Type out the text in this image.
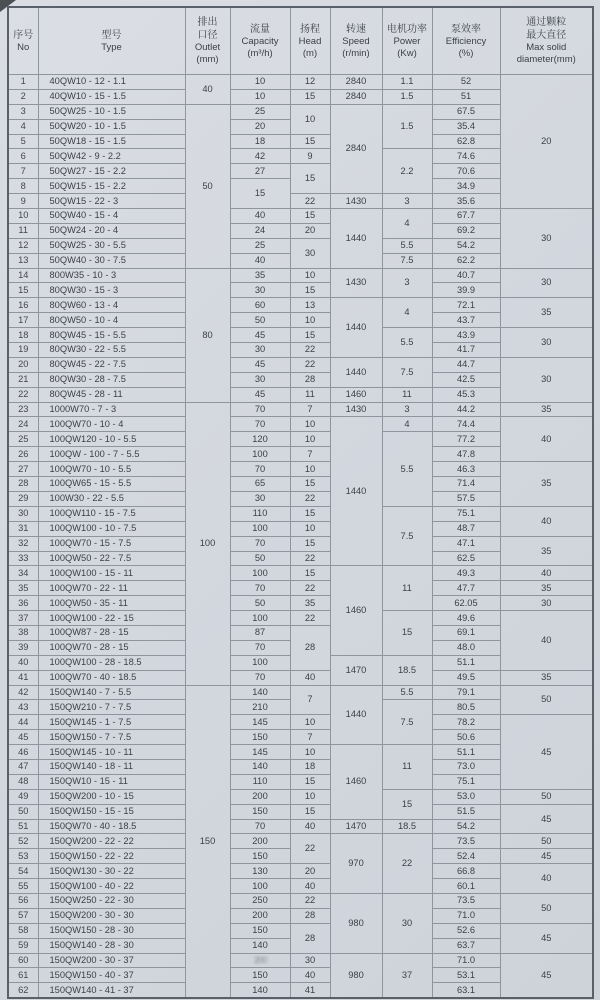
序号
No

型号
Type

排出
口径
Outlet
(mm)

流量
Capacity
(m³/h)

扬程
Head
(m)

转速
Speed
(r/min)

电机功率
Power
(Kw)

泵效率
Efficiency
(%)

通过颗粒
最大直径
Max solid
diameter(mm)

1	40QW10 - 12 - 1.1	40	10	12	2840	1.1	52	20
2	40QW10 - 15 - 1.5		10	15	2840	1.5	51	
3	50QW25 - 10 - 1.5	50	25	10	2840	1.5	67.5	
4	50QW20 - 10 - 1.5		20				35.4	
5	50QW18 - 15 - 1.5		18	15			62.8	
6	50QW42 - 9 - 2.2		42	9		2.2	74.6	
7	50QW27 - 15 - 2.2		27	15			70.6	
8	50QW15 - 15 - 2.2		15				34.9	
9	50QW15 - 22 - 3			22	1430	3	35.6	
10	50QW40 - 15 - 4		40	15	1440	4	67.7	30
11	50QW24 - 20 - 4		24	20			69.2	
12	50QW25 - 30 - 5.5		25	30		5.5	54.2	
13	50QW40 - 30 - 7.5		40			7.5	62.2	
14	800W35 - 10 - 3	80	35	10	1430	3	40.7	30
15	80QW30 - 15 - 3		30	15			39.9	
16	80QW60 - 13 - 4		60	13	1440	4	72.1	35
17	80QW50 - 10 - 4		50	10			43.7	
18	80QW45 - 15 - 5.5		45	15		5.5	43.9	30
19	80QW30 - 22 - 5.5		30	22			41.7	
20	80QW45 - 22 - 7.5		45	22	1440	7.5	44.7	30
21	80QW30 - 28 - 7.5		30	28			42.5	
22	80QW45 - 28 - 11		45	11	1460	11	45.3	
23	1000W70 - 7 - 3	100	70	7	1430	3	44.2	35
24	100QW70 - 10 - 4		70	10	1440	4	74.4	40
25	100QW120 - 10 - 5.5		120	10		5.5	77.2	
26	100QW - 100 - 7 - 5.5		100	7			47.8	
27	100QW70 - 10 - 5.5		70	10			46.3	35
28	100QW65 - 15 - 5.5		65	15			71.4	
29	100W30 - 22 - 5.5		30	22			57.5	
30	100QW110 - 15 - 7.5		110	15		7.5	75.1	40
31	100QW100 - 10 - 7.5		100	10			48.7	
32	100QW70 - 15 - 7.5		70	15			47.1	35
33	100QW50 - 22 - 7.5		50	22			62.5	
34	100QW100 - 15 - 11		100	15	1460	11	49.3	40
35	100QW70 - 22 - 11		70	22			47.7	35
36	100QW50 - 35 - 11		50	35			62.05	30
37	100QW100 - 22 - 15		100	22		15	49.6	40
38	100QW87 - 28 - 15		87	28			69.1	
39	100QW70 - 28 - 15		70				48.0	
40	100QW100 - 28 - 18.5		100		1470	18.5	51.1	
41	100QW70 - 40 - 18.5		70	40			49.5	35
42	150QW140 - 7 - 5.5	150	140	7	1440	5.5	79.1	50
43	150QW210 - 7 - 7.5		210			7.5	80.5	
44	150QW145 - 1 - 7.5		145	10			78.2	45
45	150QW150 - 7 - 7.5		150	7			50.6	
46	150QW145 - 10 - 11		145	10	1460	11	51.1	
47	150QW140 - 18 - 11		140	18			73.0	
48	150QW10 - 15 - 11		110	15			75.1	
49	150QW200 - 10 - 15		200	10		15	53.0	50
50	150QW150 - 15 - 15		150	15			51.5	45
51	150QW70 - 40 - 18.5		70	40	1470	18.5	54.2	
52	150QW200 - 22 - 22		200	22	970	22	73.5	50
53	150QW150 - 22 - 22		150				52.4	45
54	150QW130 - 30 - 22		130	20			66.8	40
55	150QW100 - 40 - 22		100	40			60.1	
56	150QW250 - 22 - 30		250	22	980	30	73.5	50
57	150QW200 - 30 - 30		200	28			71.0	
58	150QW150 - 28 - 30		150	28			52.6	45
59	150QW140 - 28 - 30		140				63.7	
60	150QW200 - 30 - 37		200	30	980	37	71.0	45
61	150QW150 - 40 - 37		150	40			53.1	
62	150QW140 - 41 - 37		140	41			63.1	
